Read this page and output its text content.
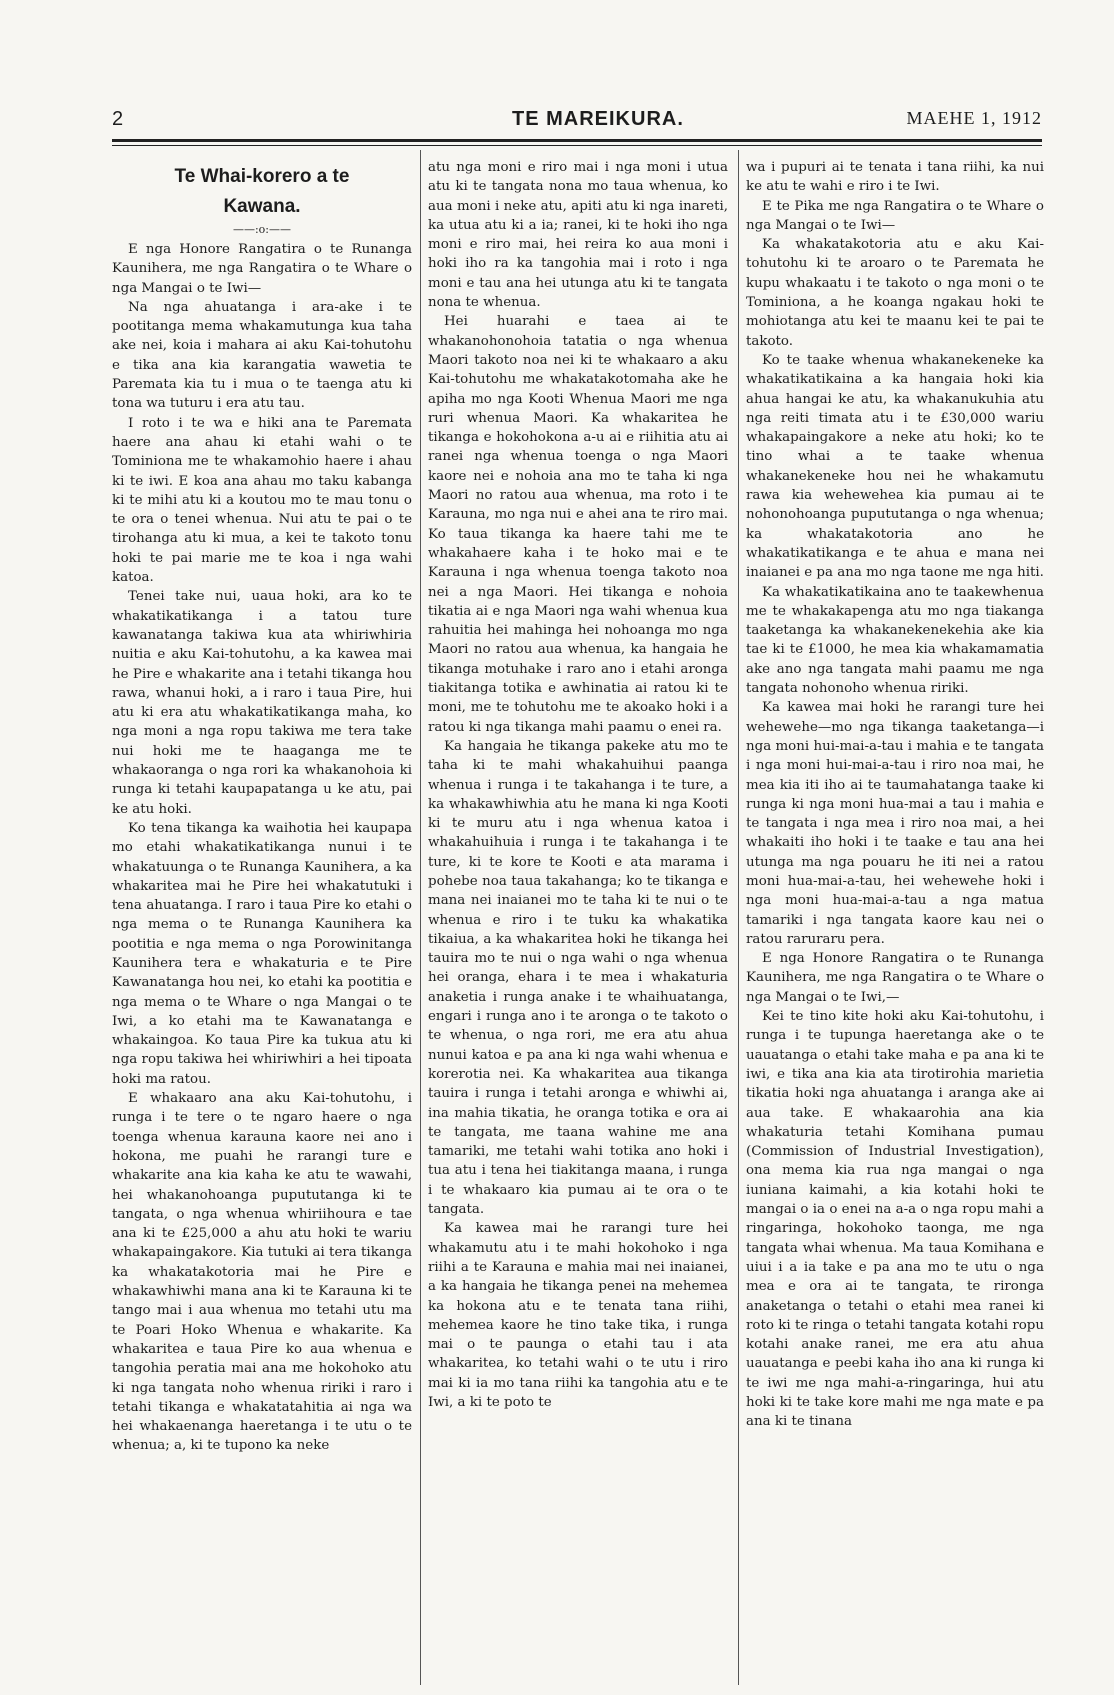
2	TE MAREIKURA.	MAEHE 1, 1912
Te Whai-korero a te
Kawana.
——:o:——

E nga Honore Rangatira o te Runanga Kaunihera, me nga Rangatira o te Whare o nga Mangai o te Iwi—

Na nga ahuatanga i ara-ake i te pootitanga mema whakamutunga kua taha ake nei, koia i mahara ai aku Kai-tohutohu e tika ana kia karangatia wawetia te Paremata kia tu i mua o te taenga atu ki tona wa tuturu i era atu tau.

I roto i te wa e hiki ana te Paremata haere ana ahau ki etahi wahi o te Tominiona me te whakamohio haere i ahau ki te iwi. E koa ana ahau mo taku kabanga ki te mihi atu ki a koutou mo te mau tonu o te ora o tenei whenua. Nui atu te pai o te tirohanga atu ki mua, a kei te takoto tonu hoki te pai marie me te koa i nga wahi katoa.

Tenei take nui, uaua hoki, ara ko te whakatikatikanga i a tatou ture kawanatanga takiwa kua ata whiriwhiria nuitia e aku Kai-tohutohu, a ka kawea mai he Pire e whakarite ana i tetahi tikanga hou rawa, whanui hoki, a i raro i taua Pire, hui atu ki era atu whakatikatikanga maha, ko nga moni a nga ropu takiwa me tera take nui hoki me te haaganga me te whakaoranga o nga rori ka whakanohoia ki runga ki tetahi kaupapatanga u ke atu, pai ke atu hoki.

Ko tena tikanga ka waihotia hei kaupapa mo etahi whakatikatikanga nunui i te whakatuunga o te Runanga Kaunihera, a ka whakaritea mai he Pire hei whakatutuki i tena ahuatanga. I raro i taua Pire ko etahi o nga mema o te Runanga Kaunihera ka pootitia e nga mema o nga Porowinitanga Kaunihera tera e whakaturia e te Pire Kawanatanga hou nei, ko etahi ka pootitia e nga mema o te Whare o nga Mangai o te Iwi, a ko etahi ma te Kawanatanga e whakaingoa. Ko taua Pire ka tukua atu ki nga ropu takiwa hei whiriwhiri a hei tipoata hoki ma ratou.

E whakaaro ana aku Kai-tohutohu, i runga i te tere o te ngaro haere o nga toenga whenua karauna kaore nei ano i hokona, me puahi he rarangi ture e whakarite ana kia kaha ke atu te wawahi, hei whakanohoanga pupututanga ki te tangata, o nga whenua whiriihoura e tae ana ki te £25,000 a ahu atu hoki te wariu whakapaingakore. Kia tutuki ai tera tikanga ka whakatakotoria mai he Pire e whakawhiwhi mana ana ki te Karauna ki te tango mai i aua whenua mo tetahi utu ma te Poari Hoko Whenua e whakarite. Ka whakaritea e taua Pire ko aua whenua e tangohia peratia mai ana me hokohoko atu ki nga tangata noho whenua ririki i raro i tetahi tikanga e whakatatahitia ai nga wa hei whakaenanga haeretanga i te utu o te whenua; a, ki te tupono ka neke

atu nga moni e riro mai i nga moni i utua atu ki te tangata nona mo taua whenua, ko aua moni i neke atu, apiti atu ki nga inareti, ka utua atu ki a ia; ranei, ki te hoki iho nga moni e riro mai, hei reira ko aua moni i hoki iho ra ka tangohia mai i roto i nga moni e tau ana hei utunga atu ki te tangata nona te whenua.

Hei huarahi e taea ai te whakanohonohoia tatatia o nga whenua Maori takoto noa nei ki te whakaaro a aku Kai-tohutohu me whakatakotomaha ake he apiha mo nga Kooti Whenua Maori me nga ruri whenua Maori. Ka whakaritea he tikanga e hokohokona a-u ai e riihitia atu ai ranei nga whenua toenga o nga Maori kaore nei e nohoia ana mo te taha ki nga Maori no ratou aua whenua, ma roto i te Karauna, mo nga nui e ahei ana te riro mai. Ko taua tikanga ka haere tahi me te whakahaere kaha i te hoko mai e te Karauna i nga whenua toenga takoto noa nei a nga Maori. Hei tikanga e nohoia tikatia ai e nga Maori nga wahi whenua kua rahuitia hei mahinga hei nohoanga mo nga Maori no ratou aua whenua, ka hangaia he tikanga motuhake i raro ano i etahi aronga tiakitanga totika e awhinatia ai ratou ki te moni, me te tohutohu me te akoako hoki i a ratou ki nga tikanga mahi paamu o enei ra.

Ka hangaia he tikanga pakeke atu mo te taha ki te mahi whakahuihui paanga whenua i runga i te takahanga i te ture, a ka whakawhiwhia atu he mana ki nga Kooti ki te muru atu i nga whenua katoa i whakahuihuia i runga i te takahanga i te ture, ki te kore te Kooti e ata marama i pohebe noa taua takahanga; ko te tikanga e mana nei inaianei mo te taha ki te nui o te whenua e riro i te tuku ka whakatika tikaiua, a ka whakaritea hoki he tikanga hei tauira mo te nui o nga wahi o nga whenua hei oranga, ehara i te mea i whakaturia anaketia i runga anake i te whaihuatanga, engari i runga ano i te aronga o te takoto o te whenua, o nga rori, me era atu ahua nunui katoa e pa ana ki nga wahi whenua e korerotia nei. Ka whakaritea aua tikanga tauira i runga i tetahi aronga e whiwhi ai, ina mahia tikatia, he oranga totika e ora ai te tangata, me taana wahine me ana tamariki, me tetahi wahi totika ano hoki i tua atu i tena hei tiakitanga maana, i runga i te whakaaro kia pumau ai te ora o te tangata.

Ka kawea mai he rarangi ture hei whakamutu atu i te mahi hokohoko i nga riihi a te Karauna e mahia mai nei inaianei, a ka hangaia he tikanga penei na mehemea ka hokona atu e te tenata tana riihi, mehemea kaore he tino take tika, i runga mai o te paunga o etahi tau i ata whakaritea, ko tetahi wahi o te utu i riro mai ki ia mo tana riihi ka tangohia atu e te Iwi, a ki te poto te

wa i pupuri ai te tenata i tana riihi, ka nui ke atu te wahi e riro i te Iwi.

E te Pika me nga Rangatira o te Whare o nga Mangai o te Iwi—

Ka whakatakotoria atu e aku Kai-tohutohu ki te aroaro o te Paremata he kupu whakaatu i te takoto o nga moni o te Tominiona, a he koanga ngakau hoki te mohiotanga atu kei te maanu kei te pai te takoto.

Ko te taake whenua whakanekeneke ka whakatikatikaina a ka hangaia hoki kia ahua hangai ke atu, ka whakanukuhia atu nga reiti timata atu i te £30,000 wariu whakapaingakore a neke atu hoki; ko te tino whai a te taake whenua whakanekeneke hou nei he whakamutu rawa kia wehewehea kia pumau ai te nohonohoanga pupututanga o nga whenua; ka whakatakotoria ano he whakatikatikanga e te ahua e mana nei inaianei e pa ana mo nga taone me nga hiti.

Ka whakatikatikaina ano te taakewhenua me te whakakapenga atu mo nga tiakanga taaketanga ka whakanekenekehia ake kia tae ki te £1000, he mea kia whakamamatia ake ano nga tangata mahi paamu me nga tangata nohonoho whenua ririki.

Ka kawea mai hoki he rarangi ture hei wehewehe—mo nga tikanga taaketanga—i nga moni hui-mai-a-tau i mahia e te tangata i nga moni hui-mai-a-tau i riro noa mai, he mea kia iti iho ai te taumahatanga taake ki runga ki nga moni hua-mai a tau i mahia e te tangata i nga mea i riro noa mai, a hei whakaiti iho hoki i te taake e tau ana hei utunga ma nga pouaru he iti nei a ratou moni hua-mai-a-tau, hei wehewehe hoki i nga moni hua-mai-a-tau a nga matua tamariki i nga tangata kaore kau nei o ratou raruraru pera.

E nga Honore Rangatira o te Runanga Kaunihera, me nga Rangatira o te Whare o nga Mangai o te Iwi,—

Kei te tino kite hoki aku Kai-tohutohu, i runga i te tupunga haeretanga ake o te uauatanga o etahi take maha e pa ana ki te iwi, e tika ana kia ata tirotirohia marietia tikatia hoki nga ahuatanga i aranga ake ai aua take. E whakaarohia ana kia whakaturia tetahi Komihana pumau (Commission of Industrial Investigation), ona mema kia rua nga mangai o nga iuniana kaimahi, a kia kotahi hoki te mangai o ia o enei na a-a o nga ropu mahi a ringaringa, hokohoko taonga, me nga tangata whai whenua. Ma taua Komihana e uiui i a ia take e pa ana mo te utu o nga mea e ora ai te tangata, te rironga anaketanga o tetahi o etahi mea ranei ki roto ki te ringa o tetahi tangata kotahi ropu kotahi anake ranei, me era atu ahua uauatanga e peebi kaha iho ana ki runga ki te iwi me nga mahi-a-ringaringa, hui atu hoki ki te take kore mahi me nga mate e pa ana ki te tinana
